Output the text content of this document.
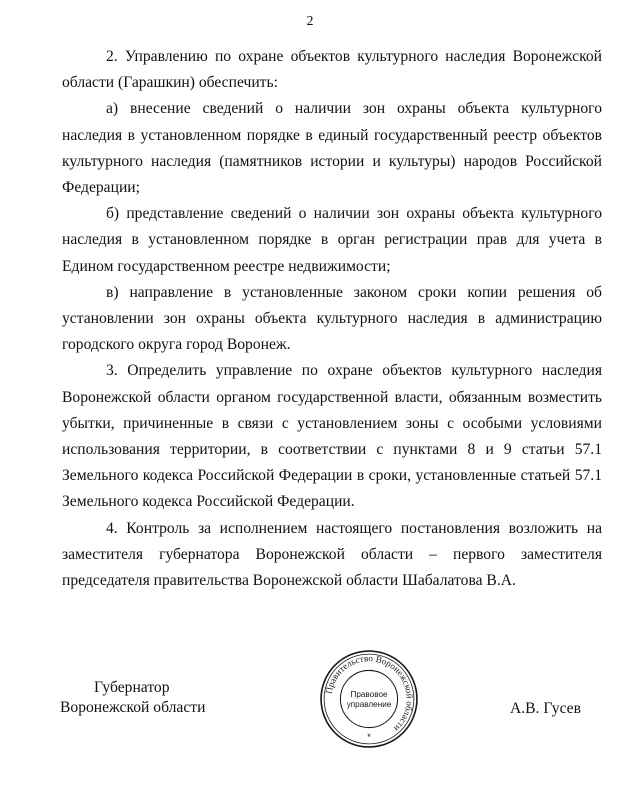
2

2. Управлению по охране объектов культурного наследия Воронежской области (Гарашкин) обеспечить:

а) внесение сведений о наличии зон охраны объекта культурного наследия в установленном порядке в единый государственный реестр объектов культурного наследия (памятников истории и культуры) народов Российской Федерации;

б) представление сведений о наличии зон охраны объекта культурного наследия в установленном порядке в орган регистрации прав для учета в Едином государственном реестре недвижимости;

в) направление в установленные законом сроки копии решения об установлении зон охраны объекта культурного наследия в администрацию городского округа город Воронеж.

3. Определить управление по охране объектов культурного наследия Воронежской области органом государственной власти, обязанным возместить убытки, причиненные в связи с установлением зоны с особыми условиями использования территории, в соответствии с пунктами 8 и 9 статьи 57.1 Земельного кодекса Российской Федерации в сроки, установленные статьей 57.1 Земельного кодекса Российской Федерации.

4. Контроль за исполнением настоящего постановления возложить на заместителя губернатора Воронежской области – первого заместителя председателя правительства Воронежской области Шабалатова В.А.

Губернатор
Воронежской области
Правительство Воронежской области
Правовое
управление
*
А.В. Гусев
